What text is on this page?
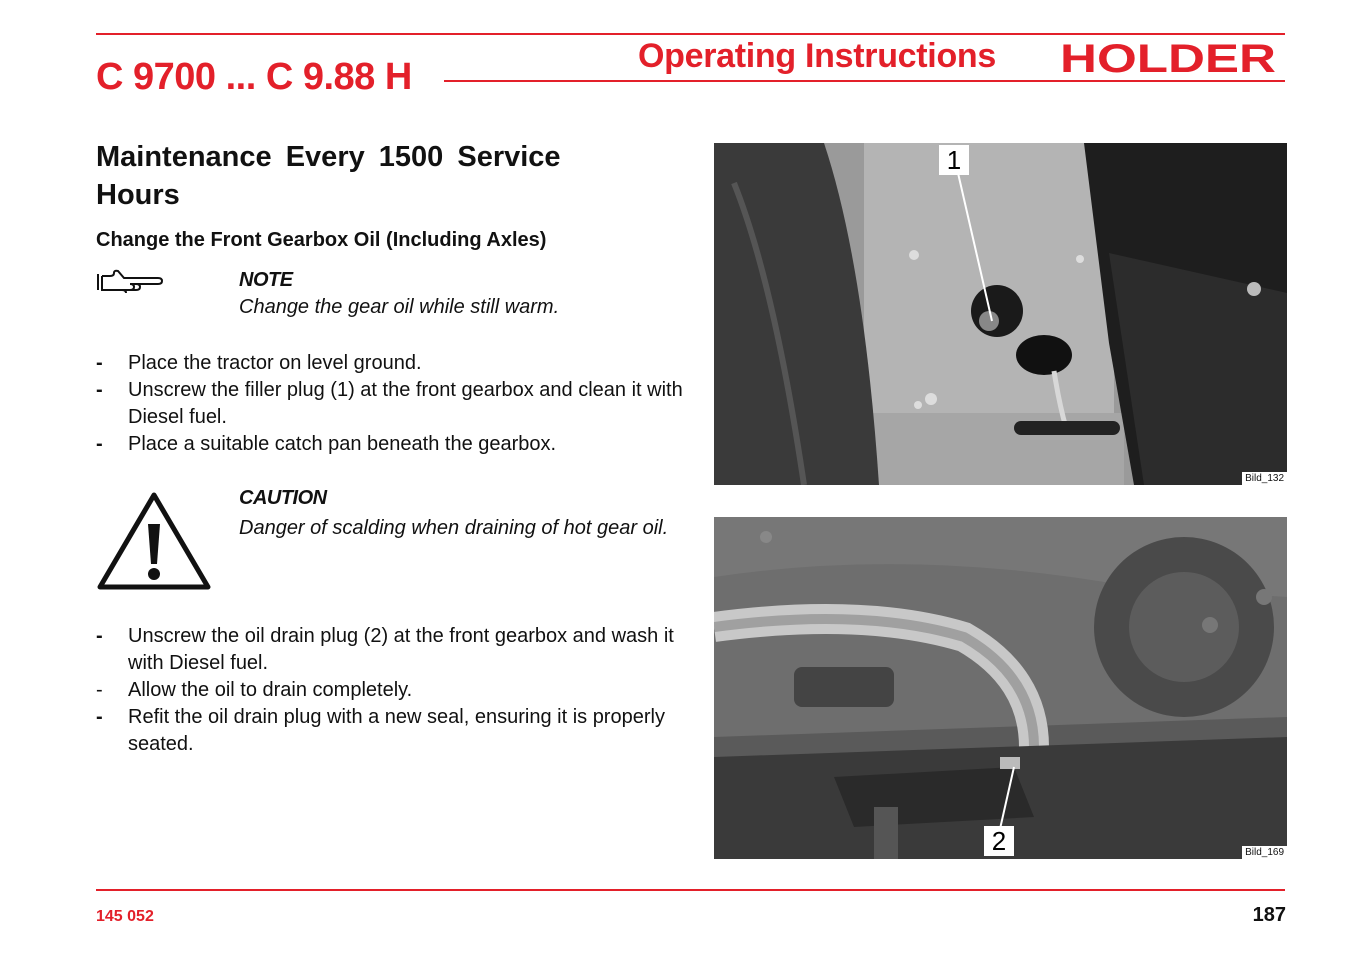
C 9700 ... C 9.88 H	Operating Instructions HOLDER
Maintenance Every 1500 Service Hours
Change the Front Gearbox Oil (Including Axles)
NOTE
Change the gear oil while still warm.
- Place the tractor on level ground.
- Unscrew the filler plug (1) at the front gearbox and clean it with Diesel fuel.
- Place a suitable catch pan beneath the gearbox.
CAUTION
Danger of scalding when draining of hot gear oil.
- Unscrew the oil drain plug (2) at the front gearbox and wash it with Diesel fuel.
- Allow the oil to drain completely.
- Refit the oil drain plug with a new seal, ensuring it is properly seated.
1
Bild_132
2	Bild_169
145 052	187
